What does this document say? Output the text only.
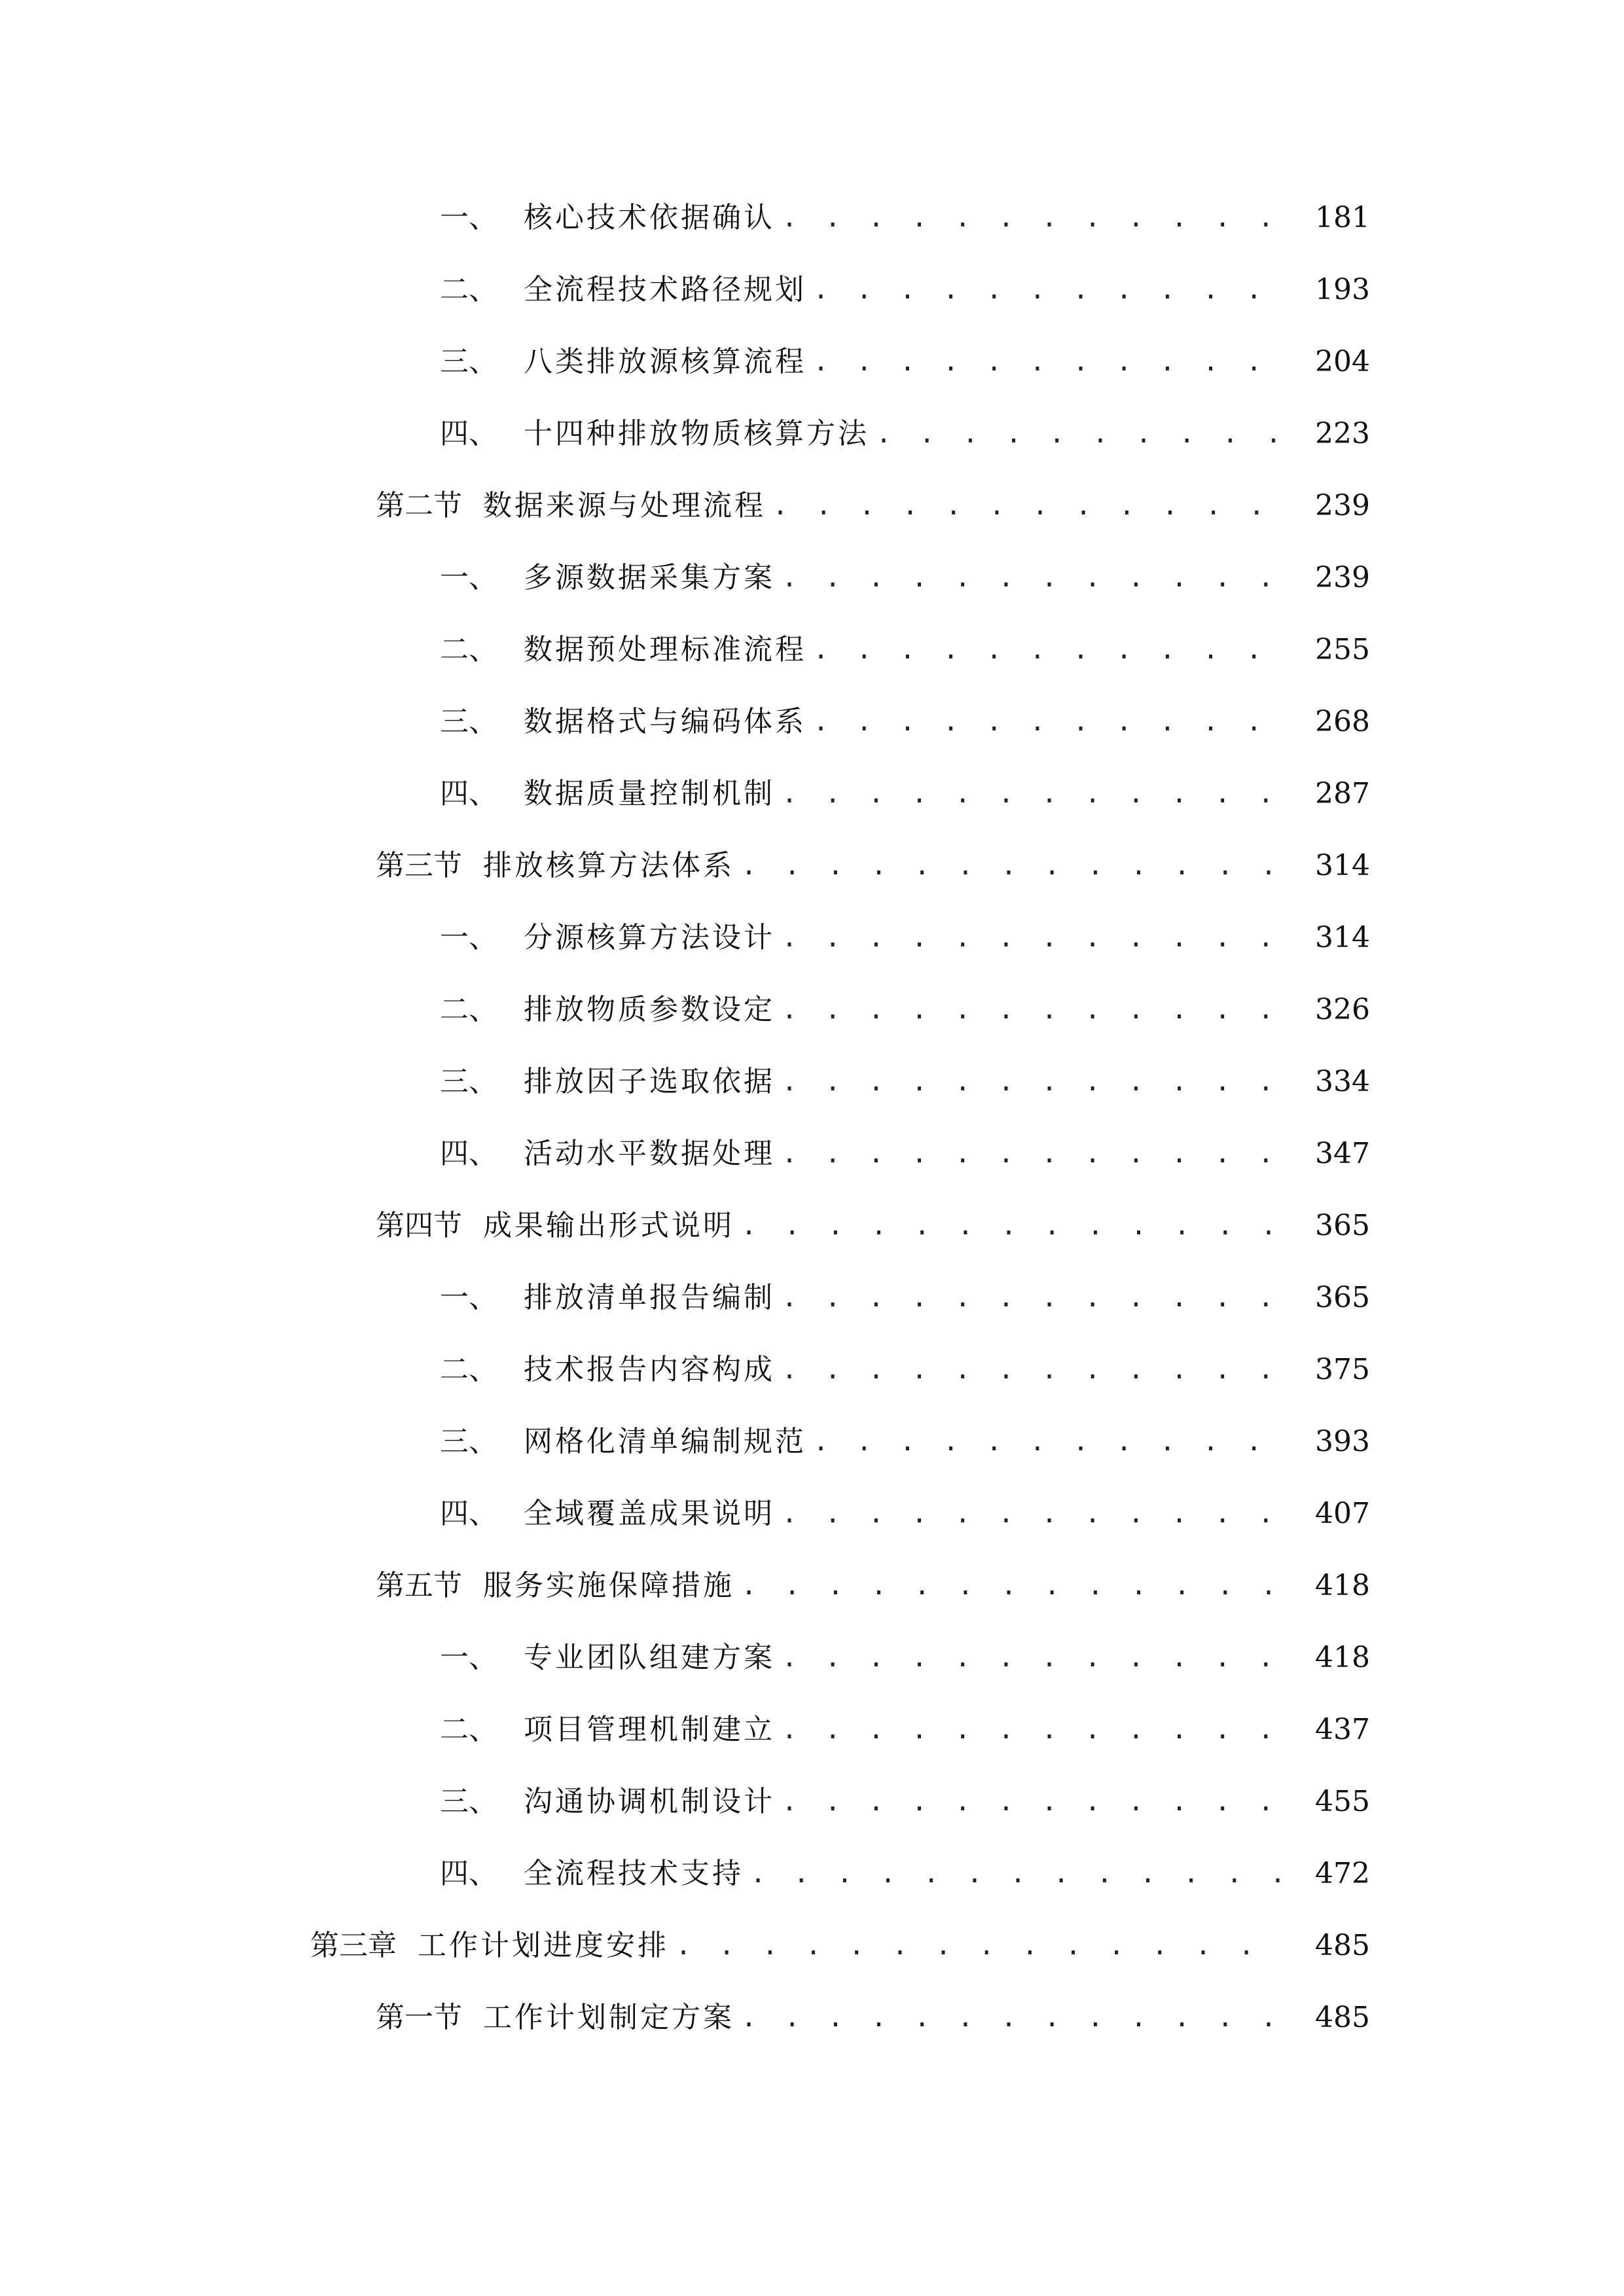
一、 核心技术依据确认 . . .	181
二、 全流程技术路径规划 . . .	193
三、 八类排放源核算流程 . . .	204
四、 十四种排放物质核算方法 . . .	223
第二节 数据来源与处理流程 . . .	239
一、 多源数据采集方案 . . .	239
二、 数据预处理标准流程 . . .	255
三、 数据格式与编码体系 . . .	268
四、 数据质量控制机制 . . .	287
第三节 排放核算方法体系 . . .	314
一、 分源核算方法设计 . . .	314
二、 排放物质参数设定 . . .	326
三、 排放因子选取依据 . . .	334
四、 活动水平数据处理 . . .	347
第四节 成果输出形式说明 . . .	365
一、 排放清单报告编制 . . .	365
二、 技术报告内容构成 . . .	375
三、 网格化清单编制规范 . . .	393
四、 全域覆盖成果说明 . . .	407
第五节 服务实施保障措施 . . .	418
一、 专业团队组建方案 . . .	418
二、 项目管理机制建立 . . .	437
三、 沟通协调机制设计 . . .	455
四、 全流程技术支持 . . .	472
第三章 工作计划进度安排 . . .	485
第一节 工作计划制定方案 . . .	485
